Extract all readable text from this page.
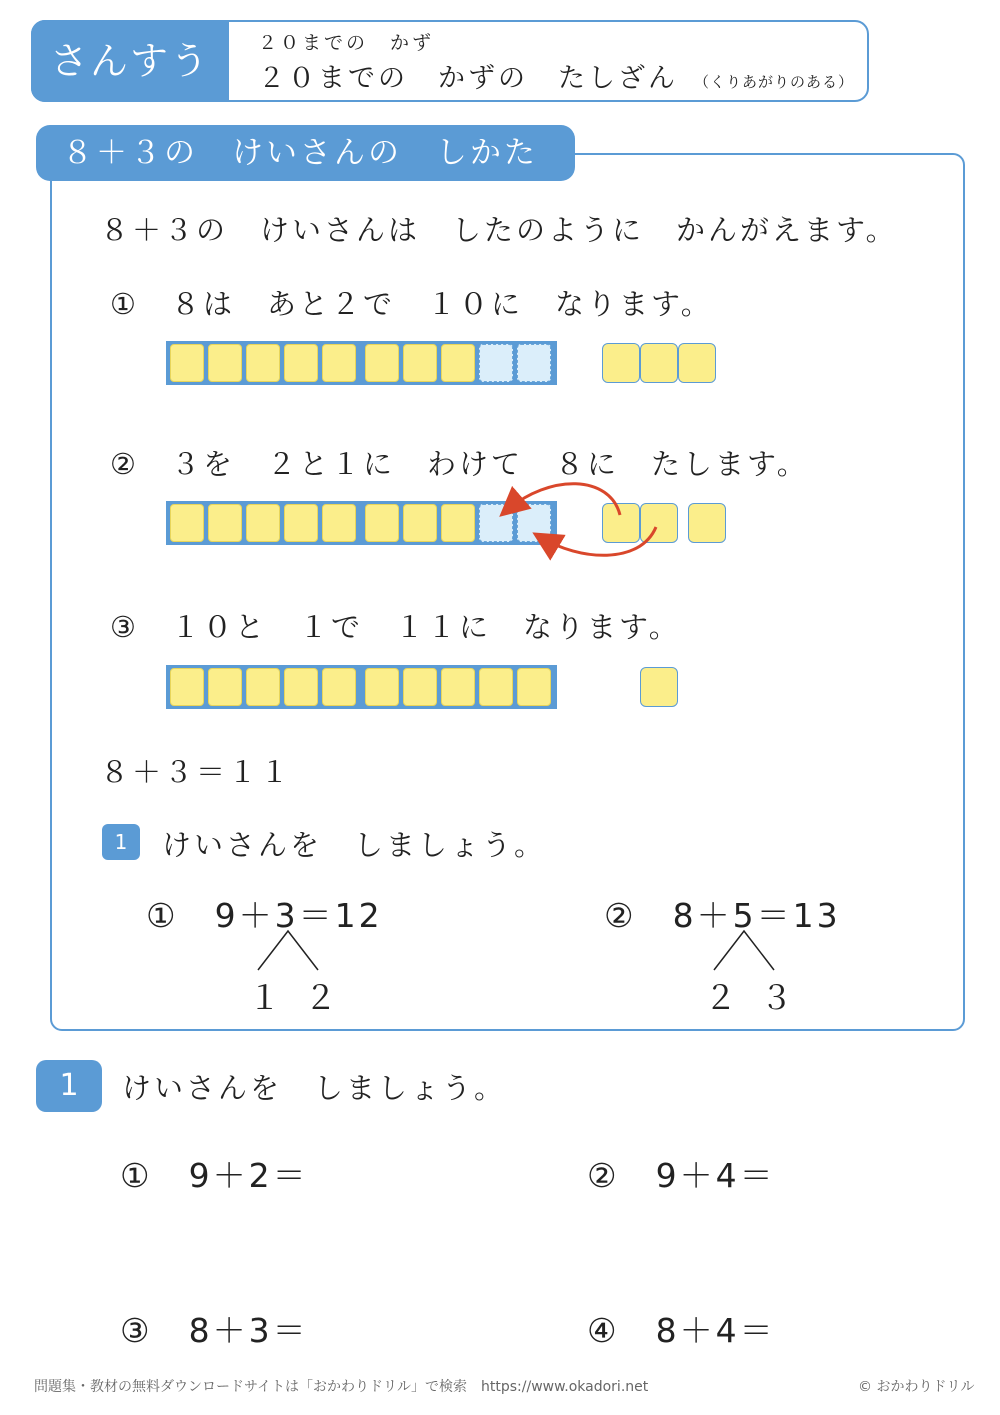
さんすう	２０までの　かず
２０までの　かずの　たしざん （くりあがりのある）
８＋３の　けいさんの　しかた
８＋３の　けいさんは　したのように　かんがえます。
①　 ８は　あと２で　１０に　なります。
②　 ３を　２と１に　わけて　８に　たします。
③　 １０と　１で　１１に　なります。
８＋３＝１１
1	けいさんを　しましょう。
①　 9＋3＝12
１ ２
②　 8＋5＝13
２ ３
1	けいさんを　しましょう。
①　 9＋2＝	②　 9＋4＝
③　 8＋3＝	④　 8＋4＝
問題集・教材の無料ダウンロードサイトは「おかわりドリル」で検索　https://www.okadori.net	© おかわりドリル
